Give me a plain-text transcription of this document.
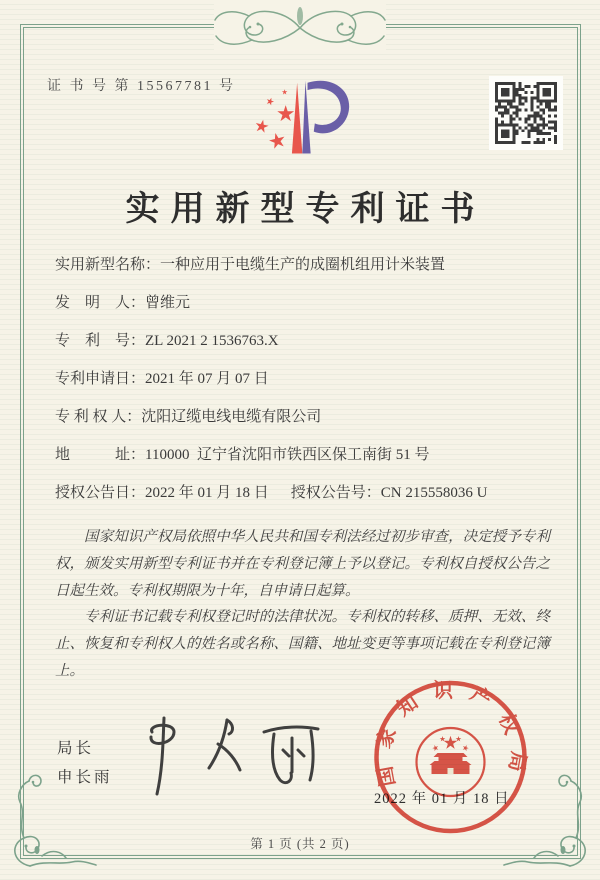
证 书 号 第 15567781 号
实用新型专利证书
实用新型名称： 一种应用于电缆生产的成圈机组用计米装置
发　明　人： 曾维元
专　利　号： ZL 2021 2 1536763.X
专利申请日： 2021 年 07 月 07 日
专 利 权 人： 沈阳辽缆电线电缆有限公司
地　　　址： 110000  辽宁省沈阳市铁西区保工南街 51 号
授权公告日： 2022 年 01 月 18 日 授权公告号： CN 215558036 U

国家知识产权局依照中华人民共和国专利法经过初步审查，决定授予专利权，颁发实用新型专利证书并在专利登记簿上予以登记。专利权自授权公告之日起生效。专利权期限为十年，自申请日起算。

专利证书记载专利权登记时的法律状况。专利权的转移、质押、无效、终止、恢复和专利权人的姓名或名称、国籍、地址变更等事项记载在专利登记簿上。

局长
申长雨	国家知识产权局
2022 年 01 月 18 日
第 1 页 (共 2 页)
